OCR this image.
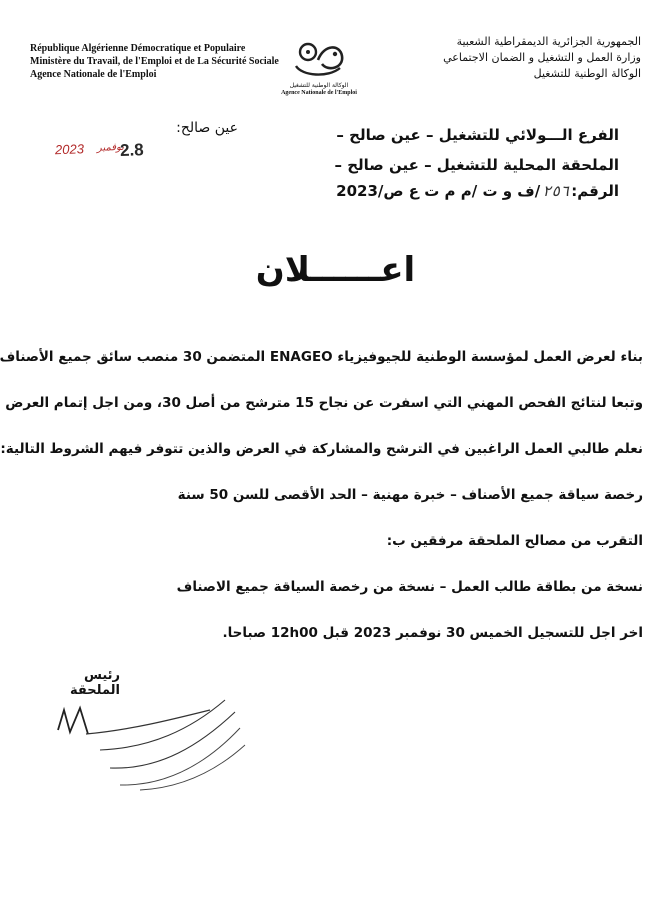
République Algérienne Démocratique et Populaire
Ministère du Travail, de l'Emploi et de La Sécurité Sociale
Agence Nationale de l'Emploi
الوكالة الوطنية للتشغيل
Agence Nationale de l'Emploi
الجمهورية الجزائرية الديمقراطية الشعبية
وزارة العمل و التشغيل و الضمان الاجتماعي
الوكالة الوطنية للتشغيل
الفرع الـــولائي للتشغيل – عين صالح –
الملحقة المحلية للتشغيل – عين صالح –
عين صالح:
2023 نوفمبر
2.8
الرقم:٢٥٦/ف و ت /م م ت ع ص/2023
اعــــــلان
بناء لعرض العمل لمؤسسة الوطنية للجيوفيزياء ENAGEO المتضمن 30 منصب سائق جميع الأصناف
وتبعا لنتائج الفحص المهني التي اسفرت عن نجاح 15 مترشح من أصل 30، ومن اجل إتمام العرض
نعلم طالبي العمل الراغبين في الترشح والمشاركة في العرض والذين تتوفر فيهم الشروط التالية:
رخصة سياقة جميع الأصناف – خبرة مهنية – الحد الأقصى للسن 50 سنة
التقرب من مصالح الملحقة مرفقين ب:
نسخة من بطاقة طالب العمل – نسخة من رخصة السياقة جميع الاصناف
اخر اجل للتسجيل الخميس 30 نوفمبر 2023 قبل 12h00 صباحا.
رئيس الملحقة
